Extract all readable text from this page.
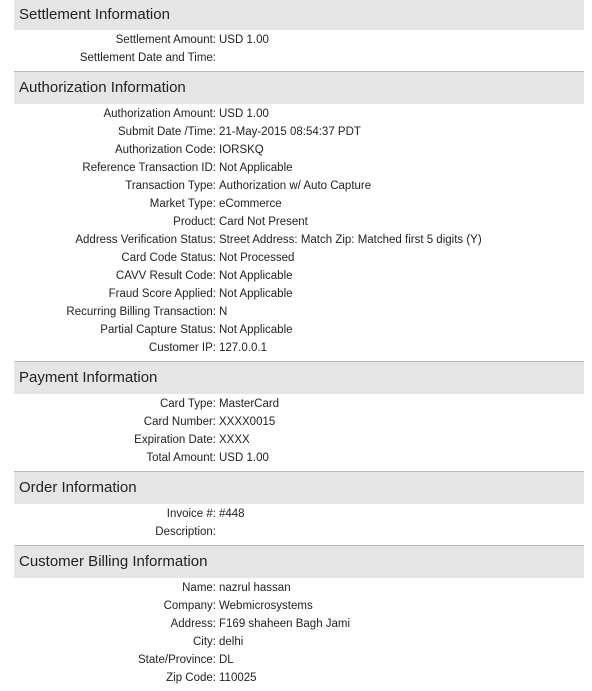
Settlement Information
Settlement Amount: USD 1.00
Settlement Date and Time:
Authorization Information
Authorization Amount: USD 1.00
Submit Date /Time: 21-May-2015 08:54:37 PDT
Authorization Code: IORSKQ
Reference Transaction ID: Not Applicable
Transaction Type: Authorization w/ Auto Capture
Market Type: eCommerce
Product: Card Not Present
Address Verification Status: Street Address: Match Zip: Matched first 5 digits (Y)
Card Code Status: Not Processed
CAVV Result Code: Not Applicable
Fraud Score Applied: Not Applicable
Recurring Billing Transaction: N
Partial Capture Status: Not Applicable
Customer IP: 127.0.0.1
Payment Information
Card Type: MasterCard
Card Number: XXXX0015
Expiration Date: XXXX
Total Amount: USD 1.00
Order Information
Invoice #: #448
Description:
Customer Billing Information
Name: nazrul hassan
Company: Webmicrosystems
Address: F169 shaheen Bagh Jami
City: delhi
State/Province: DL
Zip Code: 110025
